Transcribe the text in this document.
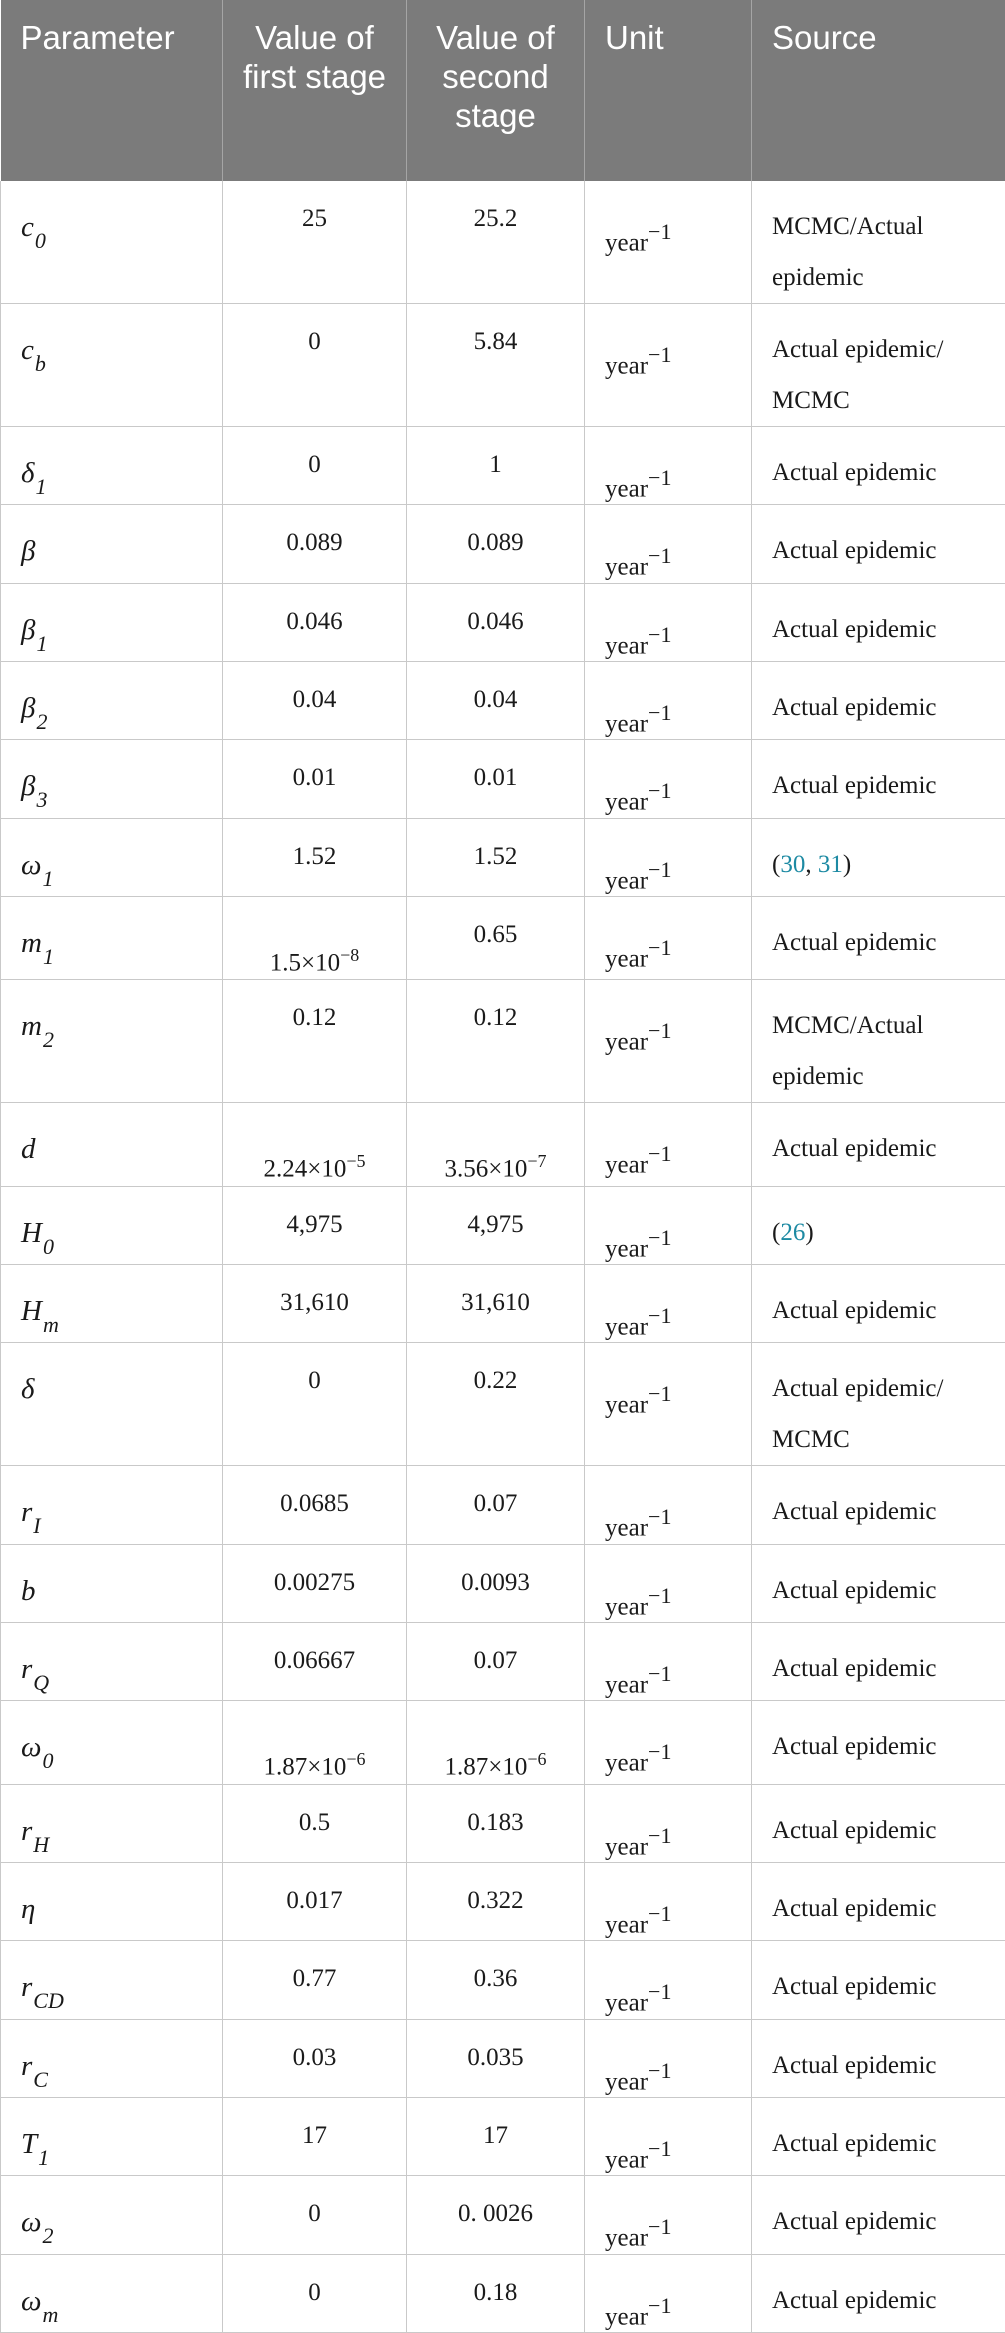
Parameter	Value of first stage	Value of second stage	Unit	Source
$c_0$	25	25.2	year$^{-1}$	MCMC/Actual epidemic
$c_b$	0	5.84	year$^{-1}$	Actual epidemic/ MCMC
$\delta_1$	0	1	year$^{-1}$	Actual epidemic
β	0.089	0.089	year$^{-1}$	Actual epidemic
$\beta_1$	0.046	0.046	year$^{-1}$	Actual epidemic
$\beta_2$	0.04	0.04	year$^{-1}$	Actual epidemic
$\beta_3$	0.01	0.01	year$^{-1}$	Actual epidemic
$\omega_1$	1.52	1.52	year$^{-1}$	(30, 31)
$m_1$	$1.5\times 10^{-8}$	0.65	year$^{-1}$	Actual epidemic
$m_2$	0.12	0.12	year$^{-1}$	MCMC/Actual epidemic
d	$2.24\times 10^{-5}$	$3.56\times 10^{-7}$	year$^{-1}$	Actual epidemic
$H_0$	4,975	4,975	year$^{-1}$	(26)
$H_m$	31,610	31,610	year$^{-1}$	Actual epidemic
δ	0	0.22	year$^{-1}$	Actual epidemic/ MCMC
$r_I$	0.0685	0.07	year$^{-1}$	Actual epidemic
b	0.00275	0.0093	year$^{-1}$	Actual epidemic
$r_Q$	0.06667	0.07	year$^{-1}$	Actual epidemic
$\omega_0$	$1.87\times 10^{-6}$	$1.87\times 10^{-6}$	year$^{-1}$	Actual epidemic
$r_H$	0.5	0.183	year$^{-1}$	Actual epidemic
η	0.017	0.322	year$^{-1}$	Actual epidemic
$r_{CD}$	0.77	0.36	year$^{-1}$	Actual epidemic
$r_C$	0.03	0.035	year$^{-1}$	Actual epidemic
$T_1$	17	17	year$^{-1}$	Actual epidemic
$\omega_2$	0	0. 0026	year$^{-1}$	Actual epidemic
$\omega_m$	0	0.18	year$^{-1}$	Actual epidemic
